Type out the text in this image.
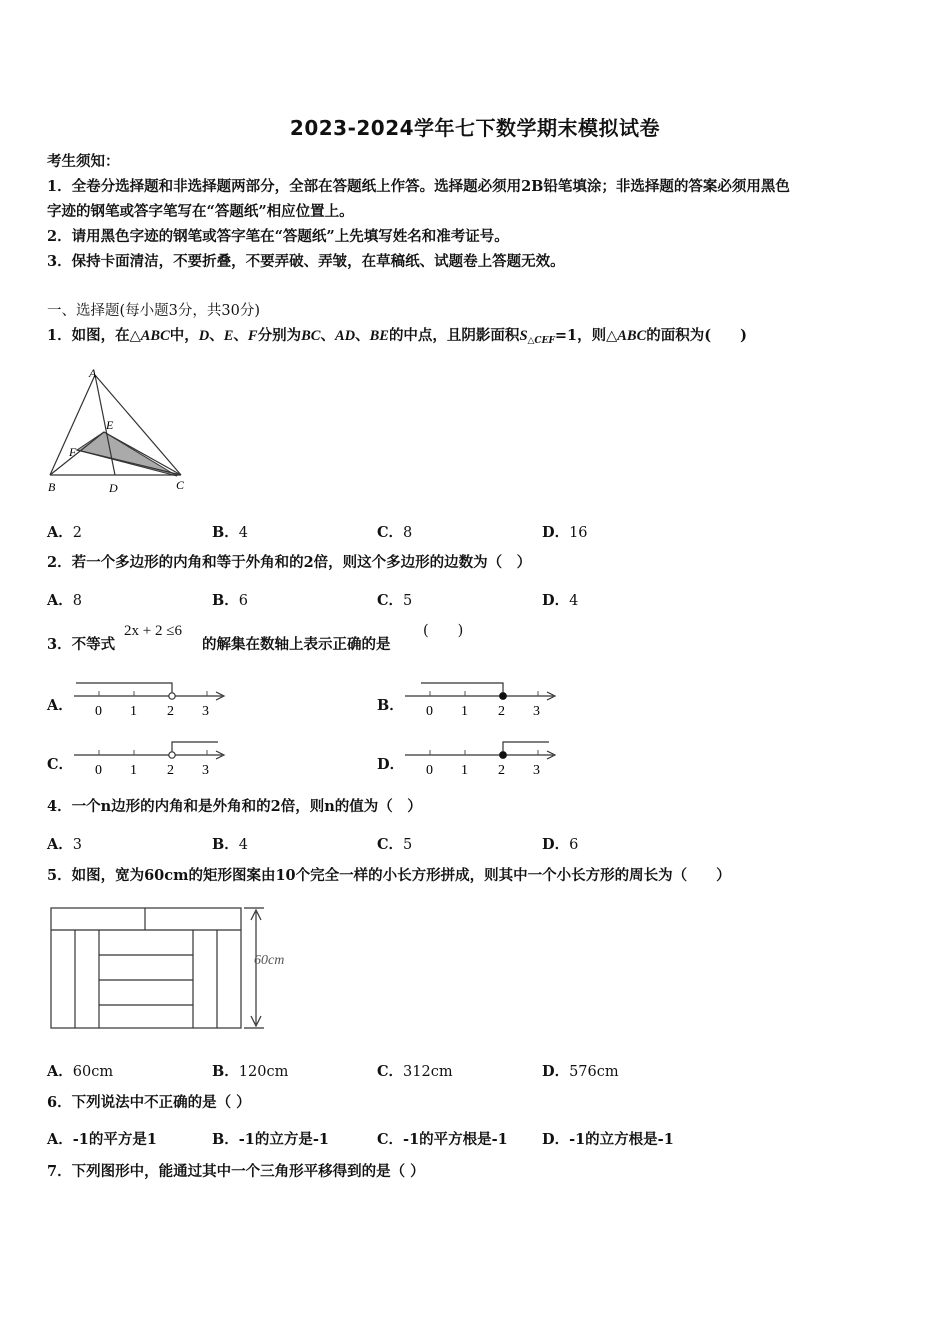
2023-2024学年七下数学期末模拟试卷
考生须知：
1．全卷分选择题和非选择题两部分，全部在答题纸上作答。选择题必须用2B铅笔填涂；非选择题的答案必须用黑色
字迹的钢笔或答字笔写在“答题纸”相应位置上。
2．请用黑色字迹的钢笔或答字笔在“答题纸”上先填写姓名和准考证号。
3．保持卡面清洁，不要折叠，不要弄破、弄皱，在草稿纸、试题卷上答题无效。
一、选择题(每小题3分，共30分)
1．如图，在△ABC中，D、E、F分别为BC、AD、BE的中点，且阴影面积$S_{\triangle CEF}=1$，则△ABC的面积为(　　)
A
B	C
D
E
F
A．2	B．4	C．8	D．16
2．若一个多边形的内角和等于外角和的2倍，则这个多边形的边数为（　）
A．8	B．6	C．5	D．4
3．不等式
2x + 2 ≤6
的解集在数轴上表示正确的是
(　　)
A． 0 1 2 3	B． 0 1 2 3
C． 0 1 2 3	D． 0 1 2 3
4．一个n边形的内角和是外角和的2倍，则n的值为（　）
A．3	B．4	C．5	D．6
5．如图，宽为60cm的矩形图案由10个完全一样的小长方形拼成，则其中一个小长方形的周长为（　　）
60cm
A．60cm	B．120cm	C．312cm	D．576cm
6．下列说法中不正确的是（ ）
A．-1的平方是1	B．-1的立方是-1	C．-1的平方根是-1 D．-1的立方根是-1
7．下列图形中，能通过其中一个三角形平移得到的是（ ）
